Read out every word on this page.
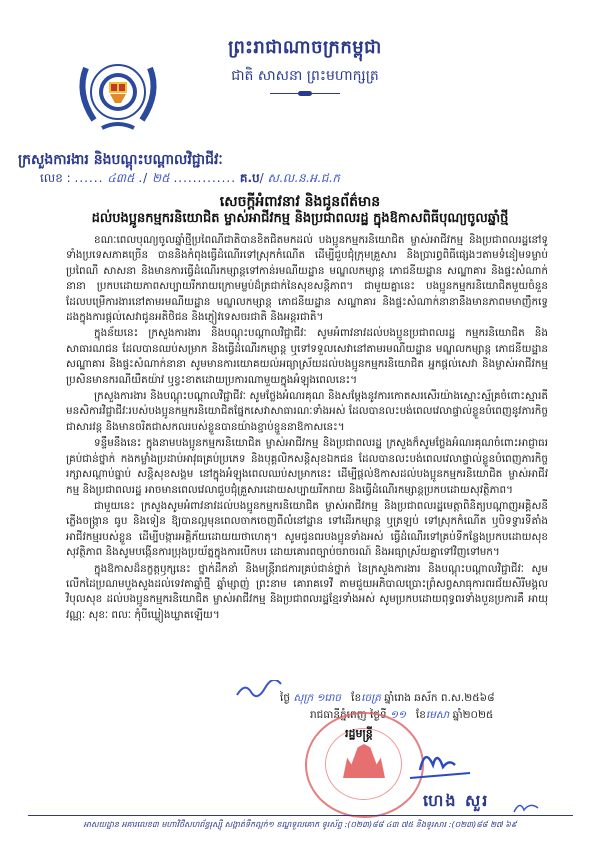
ព្រះរាជាណាចក្រកម្ពុជា
ជាតិ សាសនា ព្រះមហាក្សត្រ
ក្រសួងការងារ និងបណ្តុះបណ្តាលវិជ្ជាជីវៈ
លេខ : ...... ៤៣៥ ./ ២៥ ............. គ.ប/ ស.ល.ន.អ.ជ.ក
សេចក្តីអំពាវនាវ និងជូនព័ត៌មាន
ដល់បងប្អូនកម្មករនិយោជិត ម្ចាស់អាជីវកម្ម និងប្រជាពលរដ្ឋ ក្នុងឱកាសពិធីបុណ្យចូលឆ្នាំថ្មី

ខណៈពេលបុណ្យចូលឆ្នាំថ្មីប្រពៃណីជាតិបានខិតជិតមកដល់ បងប្អូនកម្មករនិយោជិត ម្ចាស់អាជីវកម្ម និងប្រជាពលរដ្ឋនៅទូទាំងប្រទេសភាគច្រើន បាននិងកំពុងធ្វើដំណើរទៅស្រុកកំណើត ដើម្បីជួបជុំក្រុមគ្រួសារ និងប្រារព្ធពិធីផ្សេងៗតាមទំនៀមទម្លាប់ ប្រពៃណី សាសនា និងមានការធ្វើដំណើរកម្សាន្តទៅកាន់រមណីយដ្ឋាន មណ្ឌលកម្សាន្ត ភោជនីយដ្ឋាន សណ្ឋាគារ និងផ្ទះសំណាក់នានា ប្រកបដោយភាពសប្បាយរីករាយក្រោមម្លប់ដ៏ត្រជាក់នៃសុខសន្តិភាព។ ជាមួយគ្នានេះ បងប្អូនកម្មករនិយោជិតមួយចំនួន ដែលបម្រើការងារនៅតាមរមណីយដ្ឋាន មណ្ឌលកម្សាន្ត ភោជនីយដ្ឋាន សណ្ឋាគារ និងផ្ទះសំណាក់នានានឹងមានភាពមមាញឹកទ្វេដងក្នុងការផ្តល់សេវាជូនអតិថិជន និងភ្ញៀវទេសចរជាតិ និងអន្តរជាតិ។

ក្នុងន័យនេះ ក្រសួងការងារ និងបណ្តុះបណ្តាលវិជ្ជាជីវៈ សូមអំពាវនាវដល់បងប្អូនប្រជាពលរដ្ឋ កម្មករនិយោជិត និងសាធារណជន ដែលបានឈប់សម្រាក និងធ្វើដំណើរកម្សាន្ត ឬទៅទទួលសេវានៅតាមរមណីយដ្ឋាន មណ្ឌលកម្សាន្ត ភោជនីយដ្ឋាន សណ្ឋាគារ និងផ្ទះសំណាក់នានា សូមមានការយោគយល់អធ្យាស្រ័យដល់បងប្អូនកម្មករនិយោជិត អ្នកផ្តល់សេវា និងម្ចាស់អាជីវកម្ម ប្រសិនមានករណីយឺតយ៉ាវ ឬខ្វះខាតដោយប្រការណាមួយក្នុងអំឡុងពេលនេះ។

ក្រសួងការងារ និងបណ្តុះបណ្តាលវិជ្ជាជីវៈ សូមថ្លែងអំណរគុណ និងសម្តែងនូវការកោតសរសើរយ៉ាងស្មោះស្ម័គ្រចំពោះស្មារតីមនសិការវិជ្ជាជីវៈរបស់បងប្អូនកម្មករនិយោជិតផ្នែកសេវាសាធារណៈទាំងអស់ ដែលបានលះបង់ពេលវេលាផ្ទាល់ខ្លួនបំពេញនូវភារកិច្ចជាសារវន្ត និងមានចរិតជាសកលរបស់ខ្លួនបានយ៉ាងខ្ជាប់ខ្ជួននាឱកាសនេះ។

ទន្ទឹមនឹងនេះ ក្នុងនាមបងប្អូនកម្មករនិយោជិត ម្ចាស់អាជីវកម្ម និងប្រជាពលរដ្ឋ ក្រសួងក៏សូមថ្លែងអំណរគុណចំពោះអាជ្ញាធរគ្រប់ជាន់ថ្នាក់ កងកម្លាំងប្រដាប់អាវុធគ្រប់ប្រភេទ និងបុគ្គលិកសន្តិសុខឯកជន ដែលបានលះបង់ពេលវេលាផ្ទាល់ខ្លួនបំពេញភារកិច្ចរក្សាសណ្តាប់ធ្នាប់ សន្តិសុខសង្គម នៅក្នុងអំឡុងពេលឈប់សម្រាកនេះ ដើម្បីផ្តល់ឱកាសដល់បងប្អូនកម្មករនិយោជិត ម្ចាស់អាជីវកម្ម និងប្រជាពលរដ្ឋ អាចមានពេលវេលាជួបជុំគ្រួសារដោយសប្បាយរីករាយ និងធ្វើដំណើរកម្សាន្តប្រកបដោយសុវត្ថិភាព។

ជាមួយនេះ ក្រសួងសូមអំពាវនាវដល់បងប្អូនកម្មករនិយោជិត ម្ចាស់អាជីវកម្ម និងប្រជាពលរដ្ឋមេត្តាពិនិត្យបណ្តាញអគ្គិសនី ភ្លើងចង្ក្រាន ធូប និងទៀន ឱ្យបានល្អមុនពេលចាកចេញពីលំនៅដ្ឋាន ទៅដើរកម្សាន្ត ឬត្រឡប់ ទៅស្រុកកំណើត ឬបិទទ្វារទីតាំងអាជីវកម្មរបស់ខ្លួន ដើម្បីបង្ការអគ្គិភ័យដោយយថាហេតុ។ សូមជូនពរបងប្អូនទាំងអស់ ធ្វើដំណើរទៅគ្រប់ទីកន្លែងប្រកបដោយសុខសុវត្ថិភាព និងសូមបង្កើនការប្រុងប្រយ័ត្នក្នុងការបើកបរ ដោយគោរពច្បាប់ចរាចរណ៍ និងអធ្យាស្រ័យគ្នាទៅវិញទៅមក។

ក្នុងឱកាសដ៏នក្ខត្តឫក្សនេះ ថ្នាក់ដឹកនាំ និងមន្ត្រីរាជការគ្រប់ជាន់ថ្នាក់ នៃក្រសួងការងារ និងបណ្តុះបណ្តាលវិជ្ជាជីវៈ សូមលើកដៃប្រណមបួងសួងដល់ទេវតាឆ្នាំថ្មី ឆ្នាំម្សាញ់ ព្រះនាម គោរាគទេវី តាមជួយអភិបាលប្រោះព្រំសព្វសាធុការពរជ័យសិរីមង្គល វិបុលសុខ ដល់បងប្អូនកម្មករនិយោជិត ម្ចាស់អាជីវកម្ម និងប្រជាពលរដ្ឋខ្មែរទាំងអស់ សូមប្រកបដោយពុទ្ធពរទាំងបួនប្រការគឺ អាយុ វណ្ណៈ សុខៈ ពលៈ កុំបីឃ្លៀងឃ្លាតឡើយ។

ថ្ងៃ សុក្រ ១រោច ខែចេត្រ ឆ្នាំរោង ឆស័ក ព.ស.២៥៦៨
រាជធានីភ្នំពេញ ថ្ងៃទី ១១ ខែមេសា ឆ្នាំ២០២៥
រដ្ឋមន្ត្រី
ហេង សួរ
អាសយដ្ឋាន អគារលេខ៣ មហាវិថីសហព័ន្ធរុស្ស៊ី សង្កាត់ទឹកល្អក់១ ខណ្ឌទួលគោក ទូរស័ព្ទ :(០២៣)៨៨ ៤៣ ៧៥ និងទូរសារ :(០២៣)៨៨ ២៧ ៦៩
